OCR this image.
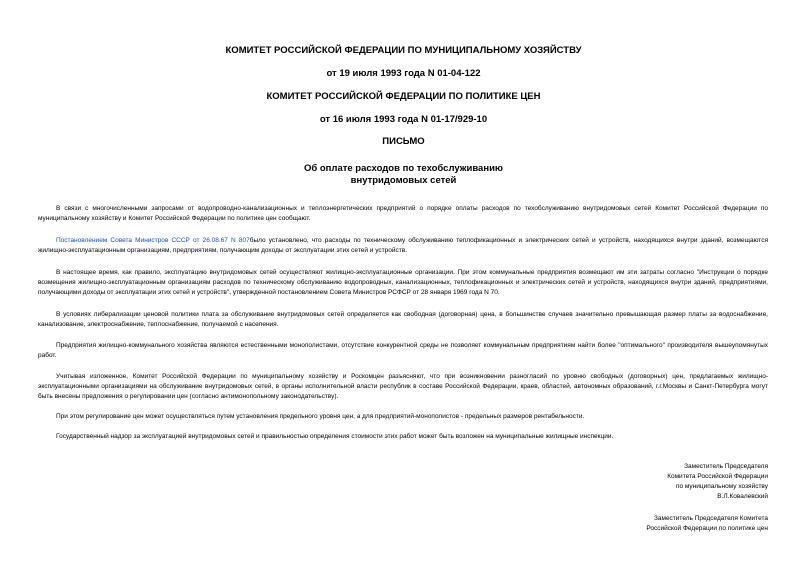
КОМИТЕТ РОССИЙСКОЙ ФЕДЕРАЦИИ ПО МУНИЦИПАЛЬНОМУ ХОЗЯЙСТВУ
от 19 июля 1993 года N 01-04-122
КОМИТЕТ РОССИЙСКОЙ ФЕДЕРАЦИИ ПО ПОЛИТИКЕ ЦЕН
от 16 июля 1993 года N 01-17/929-10
ПИСЬМО
Об оплате расходов по техобслуживанию
внутридомовых сетей

В связи с многочисленными запросами от водопроводно-канализационных и теплоэнергетических предприятий о порядке оплаты расходов по техобслуживанию внутридомовых сетей Комитет Российской Федерации по муниципальному хозяйству и Комитет Российской Федерации по политике цен сообщают.

Постановлением Совета Министров СССР от 26.08.67 N 807было установлено, что расходы по техническому обслуживанию теплофикационных и электрических сетей и устройств, находящихся внутри зданий, возмещаются жилищно-эксплуатационным организациям, предприятиям, получающим доходы от эксплуатации этих сетей и устройств.

В настоящее время, как правило, эксплуатацию внутридомовых сетей осуществляют жилищно-эксплуатационные организации. При этом коммунальные предприятия возмещают им эти затраты согласно "Инструкции о порядке возмещения жилищно-эксплуатационным организациям расходов по техническому обслуживанию водопроводных, канализационных, теплофикационных и электрических сетей и устройств, находящихся внутри зданий, предприятиями, получающими доходы от эксплуатации этих сетей и устройств", утвержденной постановлением Совета Министров РСФСР от 28 января 1969 года N 70.

В условиях либерализации ценовой политики плата за обслуживание внутридомовых сетей определяется как свободная (договорная) цена, в большинстве случаев значительно превышающая размер платы за водоснабжение, канализование, электроснабжение, теплоснабжение, получаемой с населения.

Предприятия жилищно-коммунального хозяйства являются естественными монополистами, отсутствие конкурентной среды не позволяет коммунальным предприятиям найти более "оптимального" производителя вышеупомянутых работ.

Учитывая изложенное, Комитет Российской Федерации по муниципальному хозяйству и Роскомцен разъясняют, что при возникновении разногласий по уровню свободных (договорных) цен, предлагаемых жилищно-эксплуатационными организациями на обслуживание внутридомовых сетей, в органы исполнительной власти республик в составе Российской Федерации, краев, областей, автономных образований, г.г.Москвы и Санкт-Петербурга могут быть внесены предложения о регулировании цен (согласно антимонопольному законодательству).

При этом регулирование цен может осуществляться путем установления предельного уровня цен, а для предприятий-монополистов - предельных размеров рентабельности.

Государственный надзор за эксплуатацией внутридомовых сетей и правильностью определения стоимости этих работ может быть возложен на муниципальные жилищные инспекции.

Заместитель Председателя
Комитета Российской Федерации
по муниципальному хозяйству
В.Л.Ковалевский
Заместитель Председателя Комитета
Российской Федерации по политике цен
